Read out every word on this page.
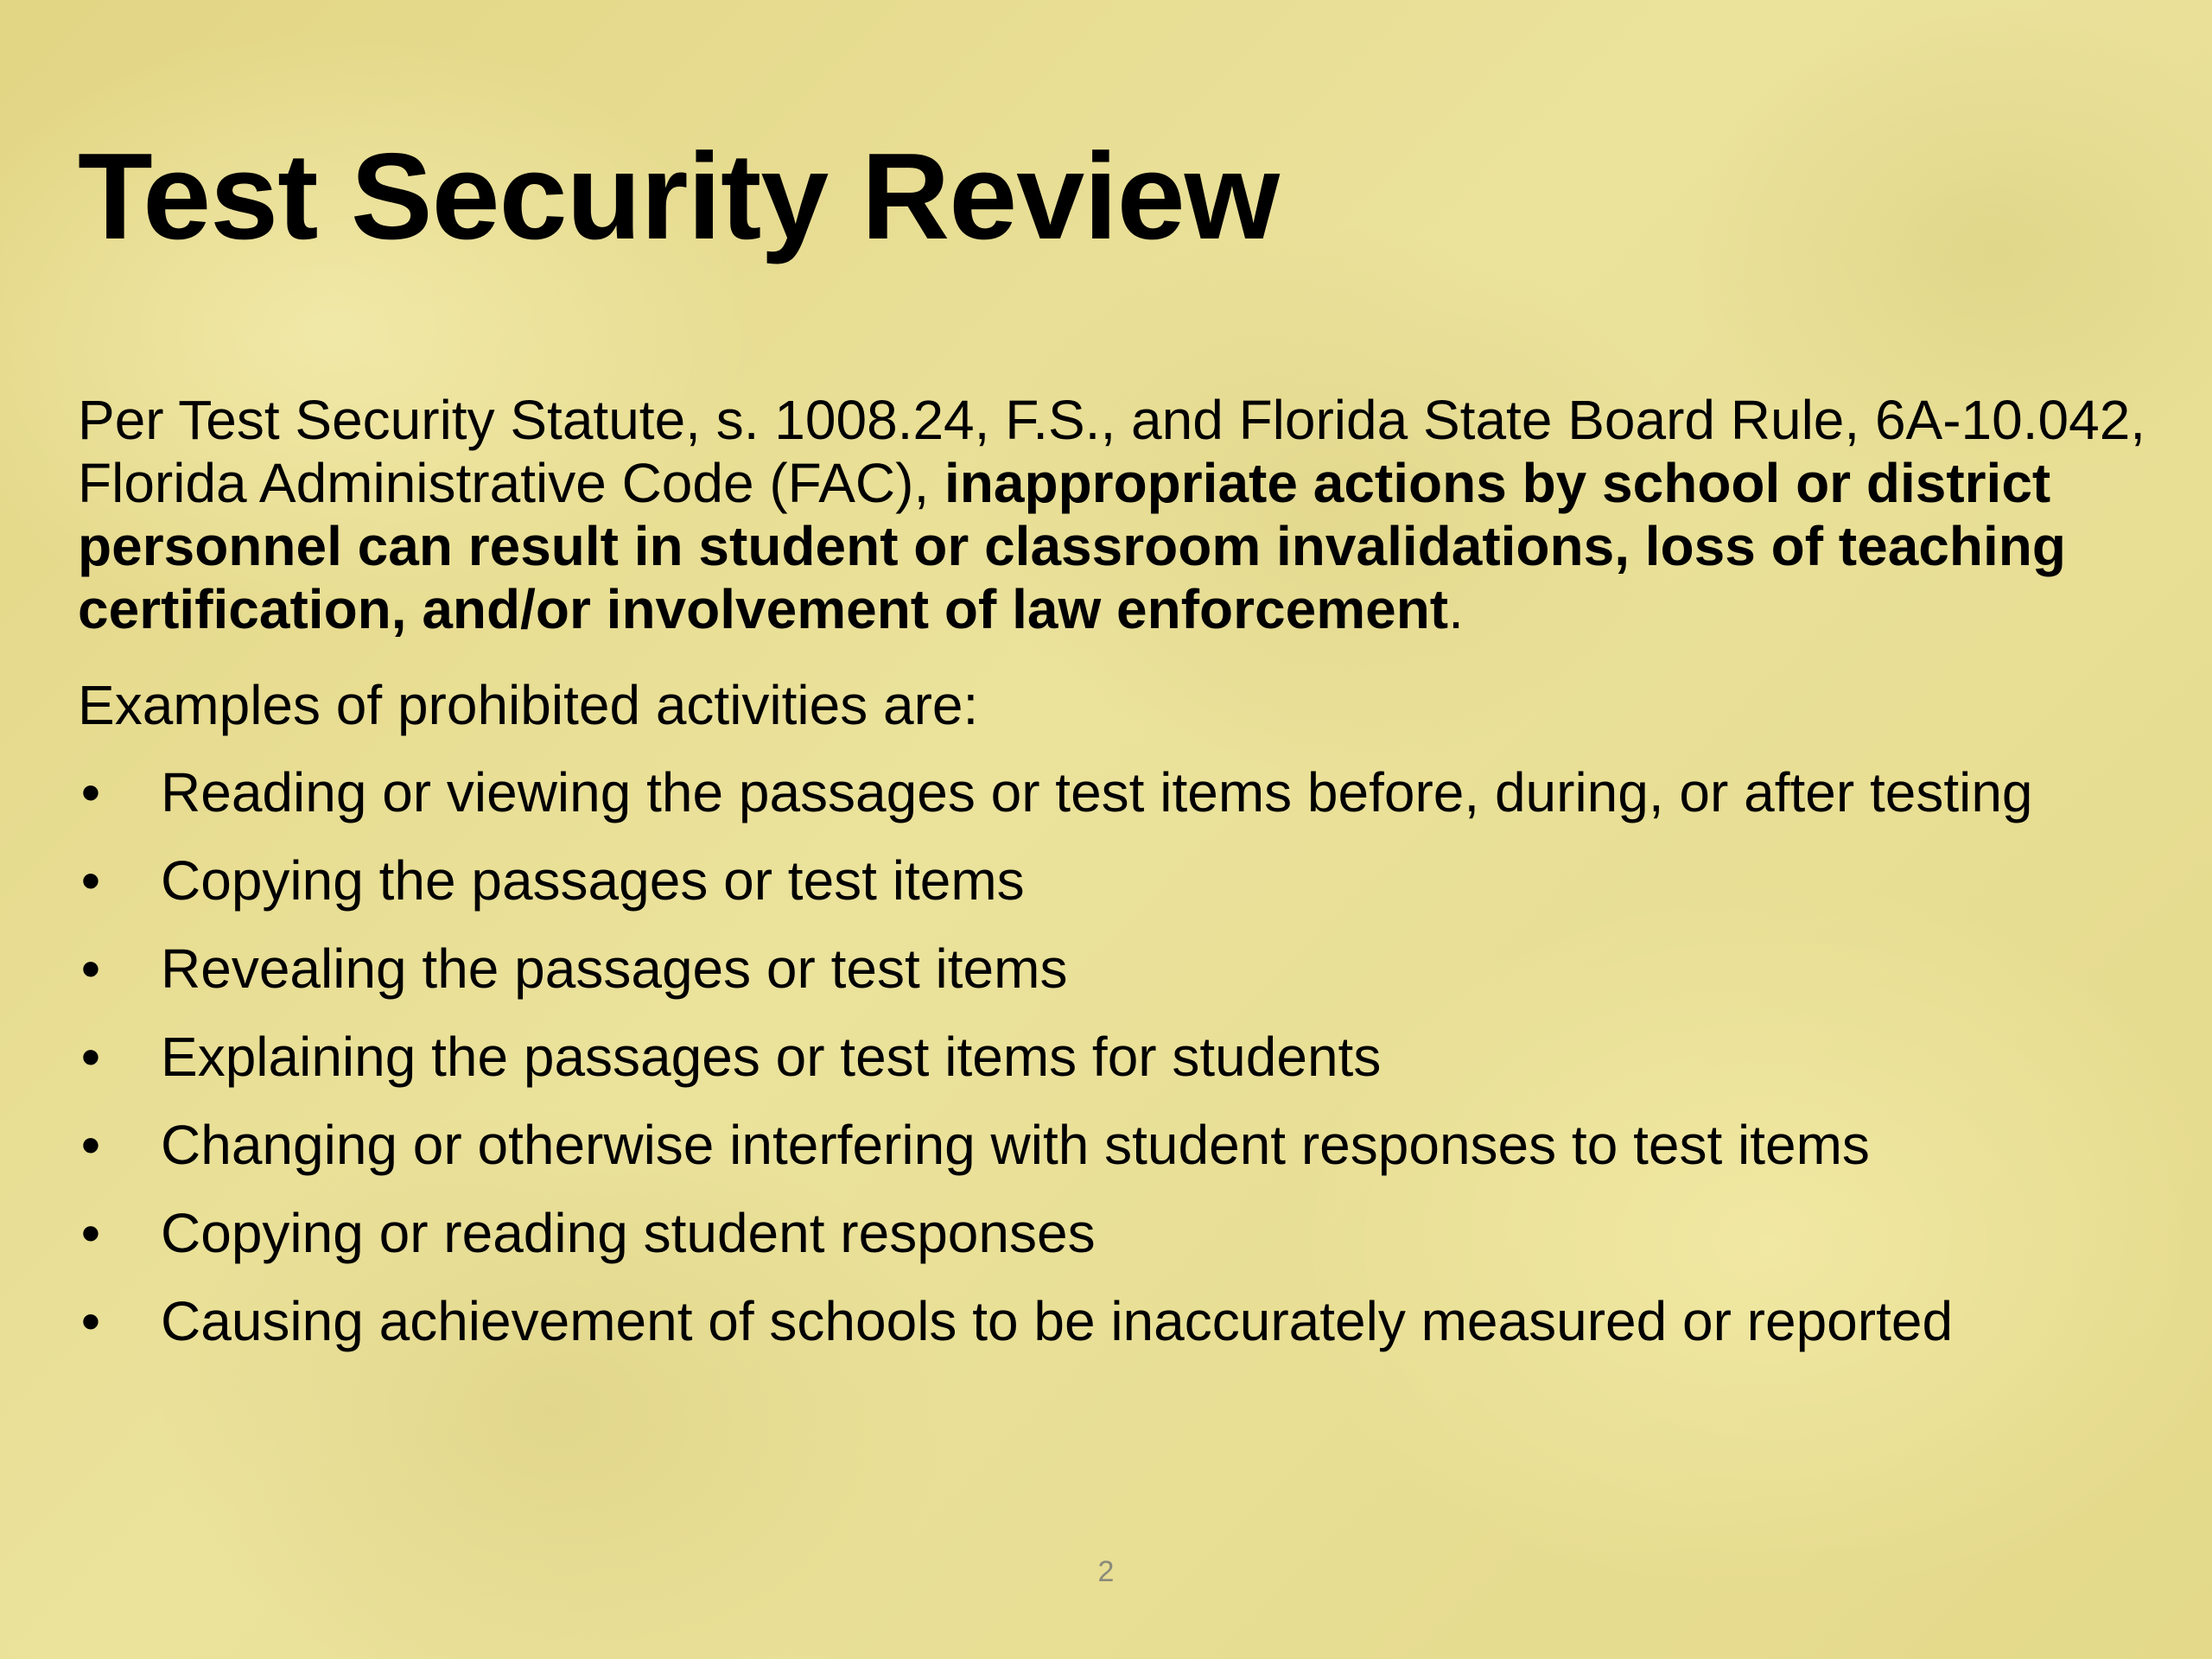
Test Security Review

Per Test Security Statute, s. 1008.24, F.S., and Florida State Board Rule, 6A-10.042, Florida Administrative Code (FAC), inappropriate actions by school or district personnel can result in student or classroom invalidations, loss of teaching certification, and/or involvement of law enforcement.

Examples of prohibited activities are:

• Reading or viewing the passages or test items before, during, or after testing
• Copying the passages or test items
• Revealing the passages or test items
• Explaining the passages or test items for students
• Changing or otherwise interfering with student responses to test items
• Copying or reading student responses
• Causing achievement of schools to be inaccurately measured or reported
2
